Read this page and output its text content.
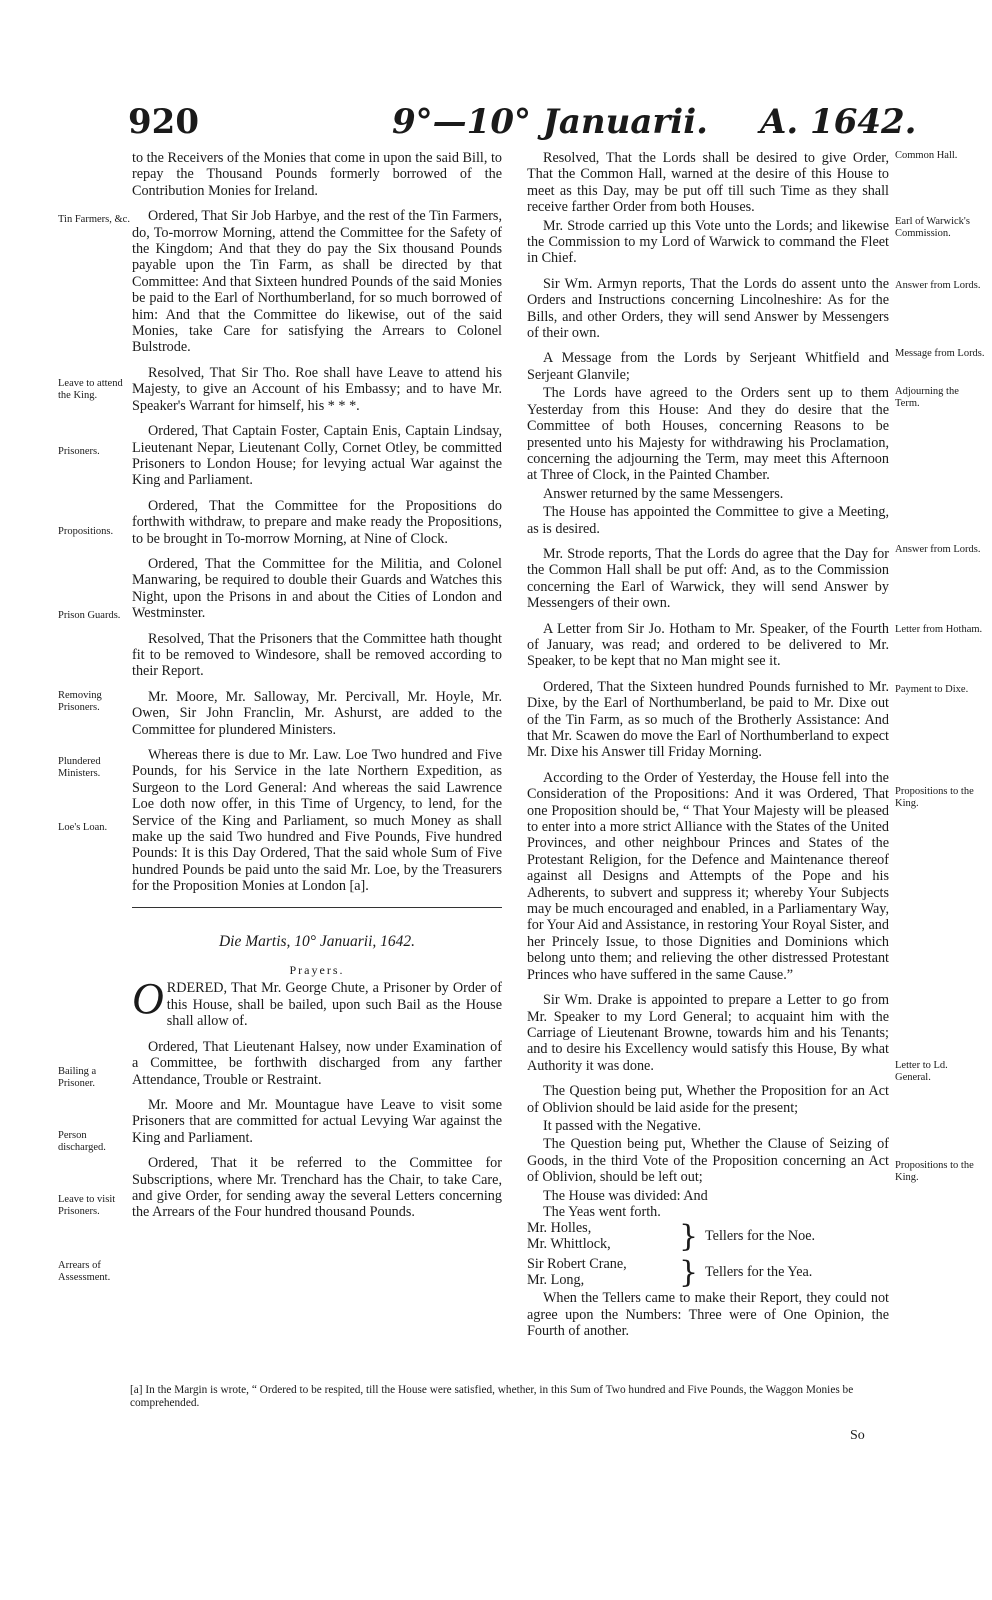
920	9°—10° Januarii. A. 1642.
Tin Farmers, &c.
Leave to attend the King.
Prisoners.
Propositions.
Prison Guards.
Removing Prisoners.
Plundered Ministers.
Loe's Loan.
Bailing a Prisoner.
Person discharged.
Leave to visit Prisoners.
Arrears of Assessment.

to the Receivers of the Monies that come in upon the said Bill, to repay the Thousand Pounds formerly borrowed of the Contribution Monies for Ireland.

Ordered, That Sir Job Harbye, and the rest of the Tin Farmers, do, To-morrow Morning, attend the Committee for the Safety of the Kingdom; And that they do pay the Six thousand Pounds payable upon the Tin Farm, as shall be directed by that Committee: And that Sixteen hundred Pounds of the said Monies be paid to the Earl of Northumberland, for so much borrowed of him: And that the Committee do likewise, out of the said Monies, take Care for satisfying the Arrears to Colonel Bulstrode.

Resolved, That Sir Tho. Roe shall have Leave to attend his Majesty, to give an Account of his Embassy; and to have Mr. Speaker's Warrant for himself, his * * *.

Ordered, That Captain Foster, Captain Enis, Captain Lindsay, Lieutenant Nepar, Lieutenant Colly, Cornet Otley, be committed Prisoners to London House; for levying actual War against the King and Parliament.

Ordered, That the Committee for the Propositions do forthwith withdraw, to prepare and make ready the Propositions, to be brought in To-morrow Morning, at Nine of Clock.

Ordered, That the Committee for the Militia, and Colonel Manwaring, be required to double their Guards and Watches this Night, upon the Prisons in and about the Cities of London and Westminster.

Resolved, That the Prisoners that the Committee hath thought fit to be removed to Windesore, shall be removed according to their Report.

Mr. Moore, Mr. Salloway, Mr. Percivall, Mr. Hoyle, Mr. Owen, Sir John Franclin, Mr. Ashurst, are added to the Committee for plundered Ministers.

Whereas there is due to Mr. Law. Loe Two hundred and Five Pounds, for his Service in the late Northern Expedition, as Surgeon to the Lord General: And whereas the said Lawrence Loe doth now offer, in this Time of Urgency, to lend, for the Service of the King and Parliament, so much Money as shall make up the said Two hundred and Five Pounds, Five hundred Pounds: It is this Day Ordered, That the said whole Sum of Five hundred Pounds be paid unto the said Mr. Loe, by the Treasurers for the Proposition Monies at London [a].

Die Martis, 10° Januarii, 1642.

Prayers.

ORDERED, That Mr. George Chute, a Prisoner by Order of this House, shall be bailed, upon such Bail as the House shall allow of.

Ordered, That Lieutenant Halsey, now under Examination of a Committee, be forthwith discharged from any farther Attendance, Trouble or Restraint.

Mr. Moore and Mr. Mountague have Leave to visit some Prisoners that are committed for actual Levying War against the King and Parliament.

Ordered, That it be referred to the Committee for Subscriptions, where Mr. Trenchard has the Chair, to take Care, and give Order, for sending away the several Letters concerning the Arrears of the Four hundred thousand Pounds.

Common Hall.
Earl of Warwick's Commission.
Answer from Lords.
Message from Lords.
Adjourning the Term.
Answer from Lords.
Letter from Hotham.
Payment to Dixe.
Propositions to the King.
Letter to Ld. General.
Propositions to the King.

Resolved, That the Lords shall be desired to give Order, That the Common Hall, warned at the desire of this House to meet as this Day, may be put off till such Time as they shall receive farther Order from both Houses.

Mr. Strode carried up this Vote unto the Lords; and likewise the Commission to my Lord of Warwick to command the Fleet in Chief.

Sir Wm. Armyn reports, That the Lords do assent unto the Orders and Instructions concerning Lincolneshire: As for the Bills, and other Orders, they will send Answer by Messengers of their own.

A Message from the Lords by Serjeant Whitfield and Serjeant Glanvile;

The Lords have agreed to the Orders sent up to them Yesterday from this House: And they do desire that the Committee of both Houses, concerning Reasons to be presented unto his Majesty for withdrawing his Proclamation, concerning the adjourning the Term, may meet this Afternoon at Three of Clock, in the Painted Chamber.

Answer returned by the same Messengers.

The House has appointed the Committee to give a Meeting, as is desired.

Mr. Strode reports, That the Lords do agree that the Day for the Common Hall shall be put off: And, as to the Commission concerning the Earl of Warwick, they will send Answer by Messengers of their own.

A Letter from Sir Jo. Hotham to Mr. Speaker, of the Fourth of January, was read; and ordered to be delivered to Mr. Speaker, to be kept that no Man might see it.

Ordered, That the Sixteen hundred Pounds furnished to Mr. Dixe, by the Earl of Northumberland, be paid to Mr. Dixe out of the Tin Farm, as so much of the Brotherly Assistance: And that Mr. Scawen do move the Earl of Northumberland to expect Mr. Dixe his Answer till Friday Morning.

According to the Order of Yesterday, the House fell into the Consideration of the Propositions: And it was Ordered, That one Proposition should be, “ That Your Majesty will be pleased to enter into a more strict Alliance with the States of the United Provinces, and other neighbour Princes and States of the Protestant Religion, for the Defence and Maintenance thereof against all Designs and Attempts of the Pope and his Adherents, to subvert and suppress it; whereby Your Subjects may be much encouraged and enabled, in a Parliamentary Way, for Your Aid and Assistance, in restoring Your Royal Sister, and her Princely Issue, to those Dignities and Dominions which belong unto them; and relieving the other distressed Protestant Princes who have suffered in the same Cause.”

Sir Wm. Drake is appointed to prepare a Letter to go from Mr. Speaker to my Lord General; to acquaint him with the Carriage of Lieutenant Browne, towards him and his Tenants; and to desire his Excellency would satisfy this House, By what Authority it was done.

The Question being put, Whether the Proposition for an Act of Oblivion should be laid aside for the present;

It passed with the Negative.

The Question being put, Whether the Clause of Seizing of Goods, in the third Vote of the Proposition concerning an Act of Oblivion, should be left out;

The House was divided: And

The Yeas went forth.

Mr. Holles,
Mr. Whittlock,	} Tellers for the Noe.
Sir Robert Crane,
Mr. Long,	} Tellers for the Yea.

When the Tellers came to make their Report, they could not agree upon the Numbers: Three were of One Opinion, the Fourth of another.

[a] In the Margin is wrote, “ Ordered to be respited, till the House were satisfied, whether, in this Sum of Two hundred and Five Pounds, the Waggon Monies be comprehended.
So
